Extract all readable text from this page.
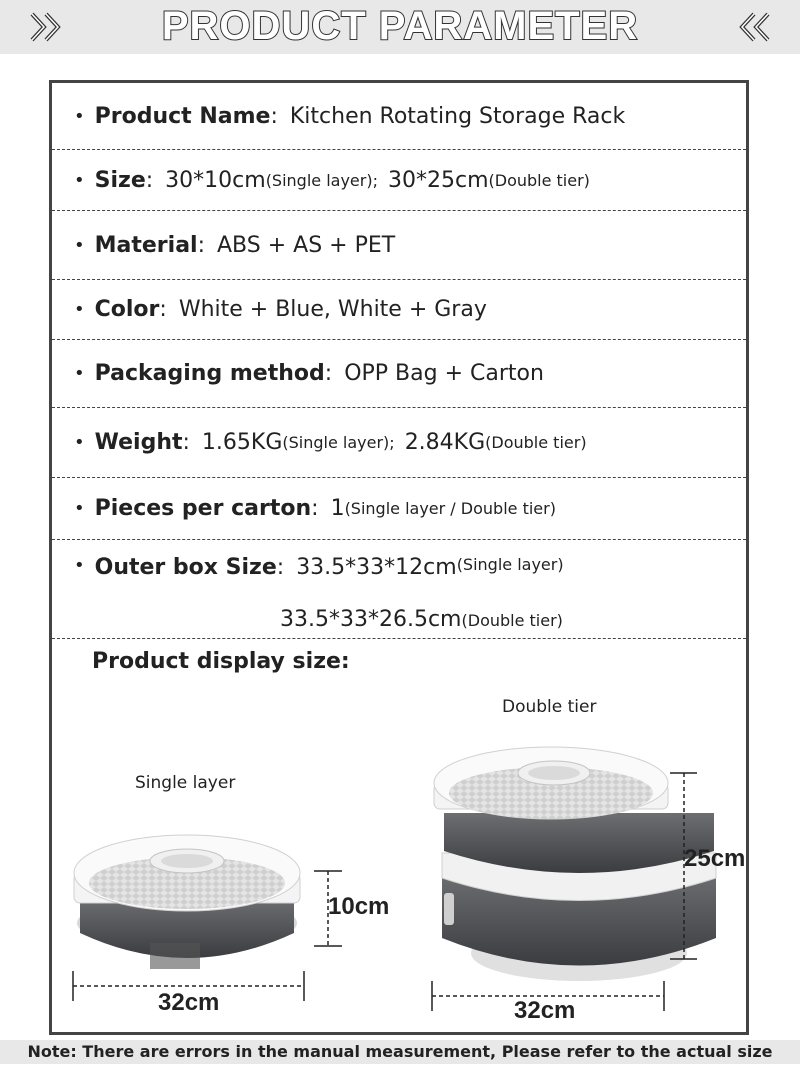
PRODUCT PARAMETER
• Product Name : Kitchen Rotating Storage Rack
• Size : 30*10cm (Single layer); 30*25cm (Double tier)
• Material : ABS + AS + PET
• Color : White + Blue, White + Gray
• Packaging method : OPP Bag + Carton
• Weight : 1.65KG (Single layer); 2.84KG (Double tier)
• Pieces per carton : 1 (Single layer / Double tier)
• Outer box Size : 33.5*33*12cm (Single layer)
33.5*33*26.5cm(Double tier)
Product display size:
Single layer
Double tier
10cm
32cm
25cm
32cm
Note: There are errors in the manual measurement, Please refer to the actual size
